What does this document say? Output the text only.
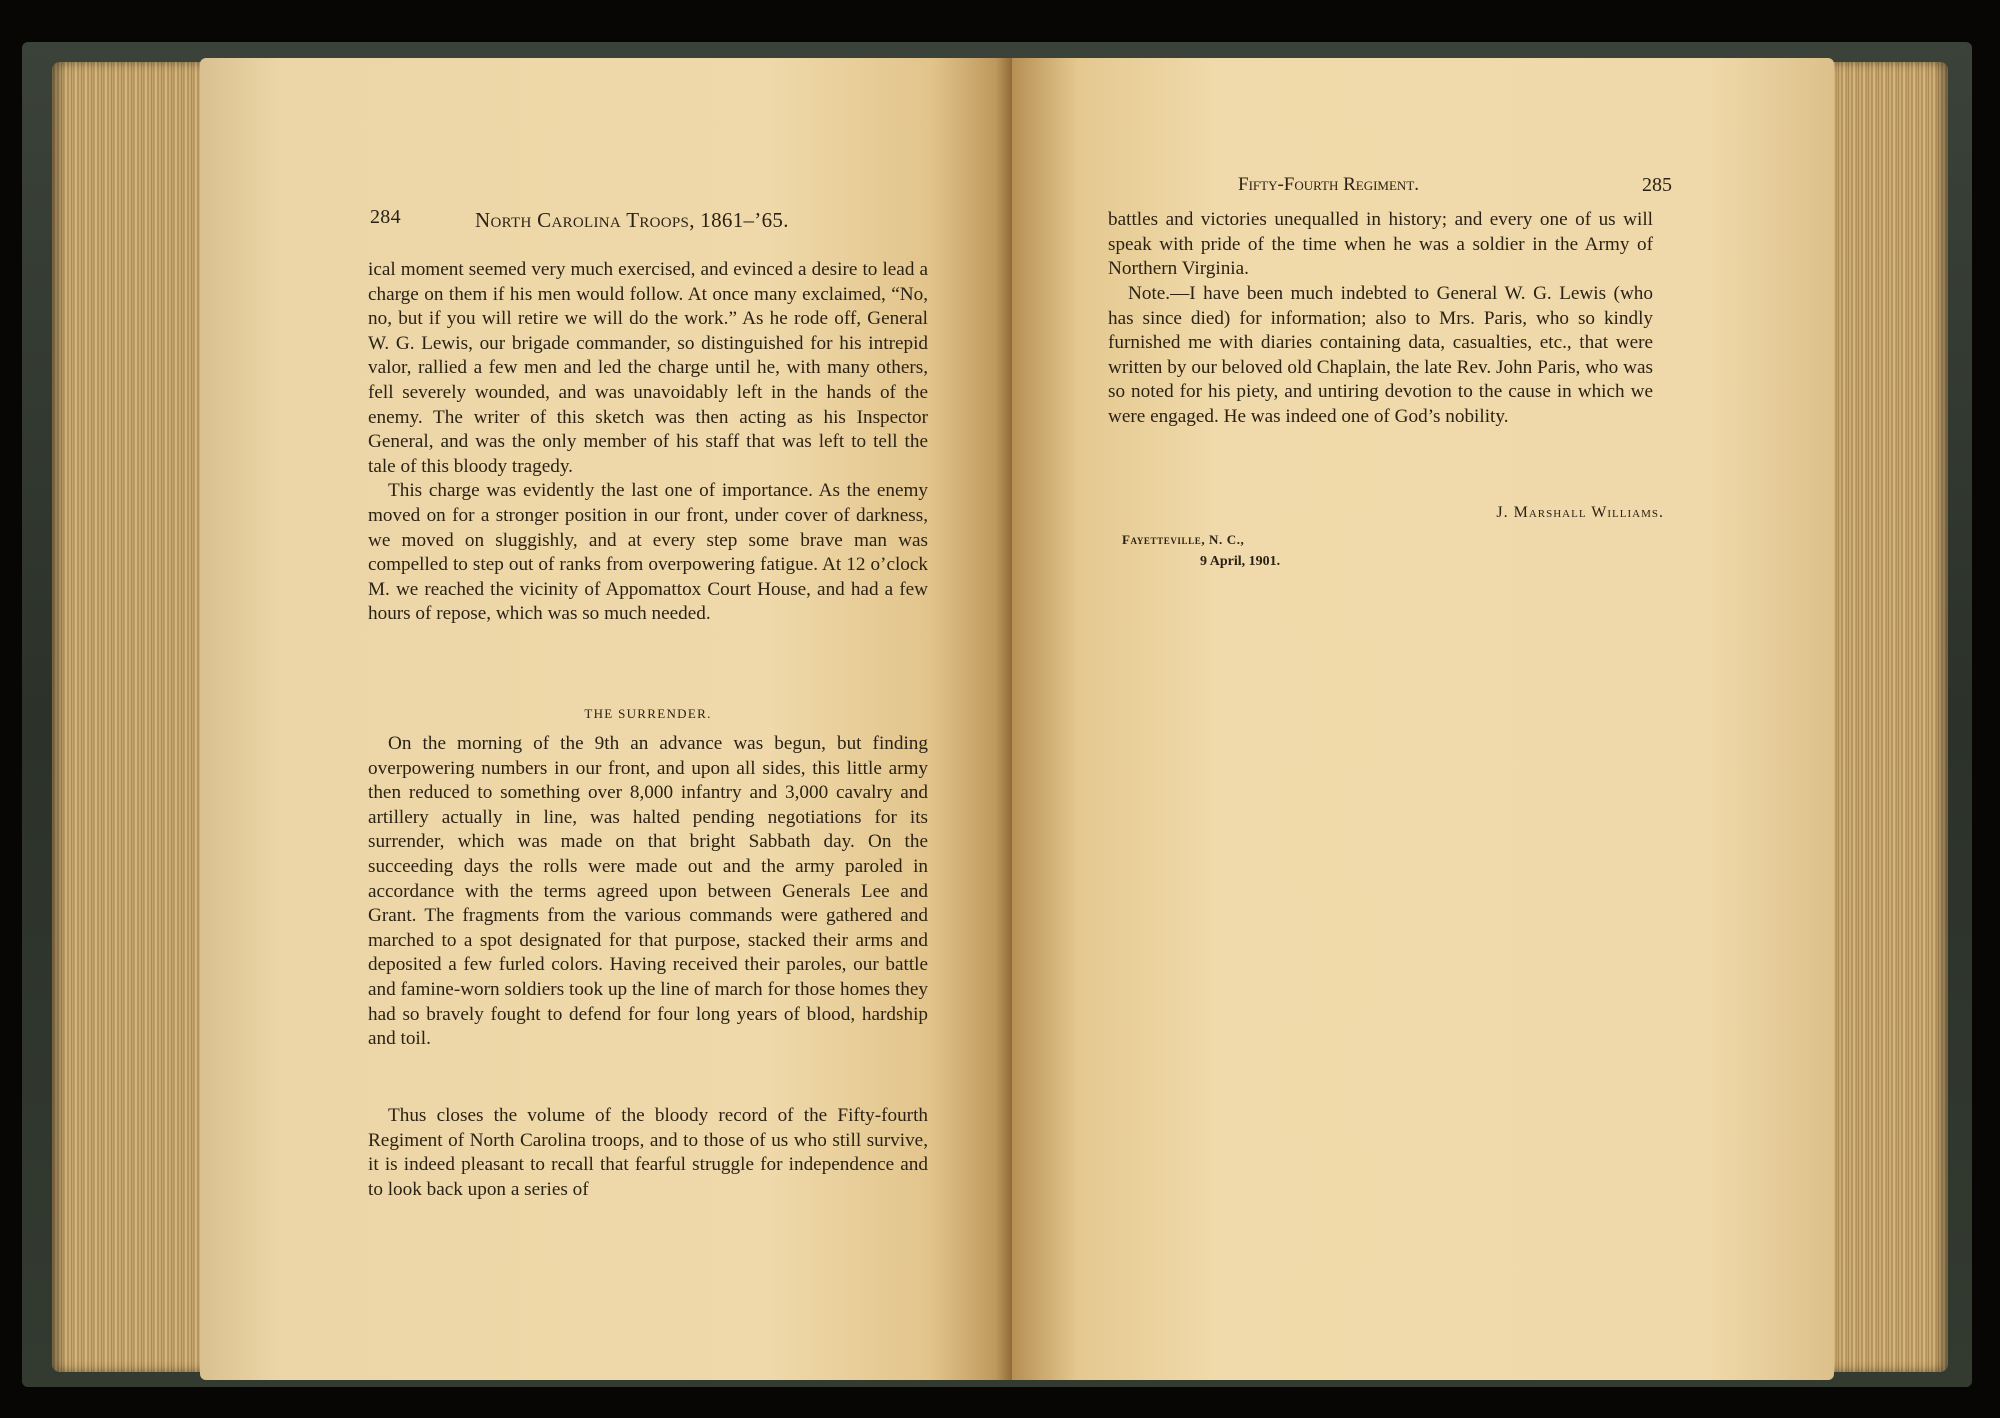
284	North Carolina Troops, 1861–’65.

ical moment seemed very much exercised, and evinced a desire to lead a charge on them if his men would follow. At once many exclaimed, “No, no, but if you will retire we will do the work.” As he rode off, General W. G. Lewis, our brigade commander, so distinguished for his intrepid valor, rallied a few men and led the charge until he, with many others, fell severely wounded, and was unavoidably left in the hands of the enemy. The writer of this sketch was then acting as his Inspector General, and was the only member of his staff that was left to tell the tale of this bloody tragedy.

This charge was evidently the last one of importance. As the enemy moved on for a stronger position in our front, under cover of darkness, we moved on sluggishly, and at every step some brave man was compelled to step out of ranks from overpowering fatigue. At 12 o’clock M. we reached the vicinity of Appomattox Court House, and had a few hours of repose, which was so much needed.

THE SURRENDER.

On the morning of the 9th an advance was begun, but finding overpowering numbers in our front, and upon all sides, this little army then reduced to something over 8,000 infantry and 3,000 cavalry and artillery actually in line, was halted pending negotiations for its surrender, which was made on that bright Sabbath day. On the succeeding days the rolls were made out and the army paroled in accordance with the terms agreed upon between Generals Lee and Grant. The fragments from the various commands were gathered and marched to a spot designated for that purpose, stacked their arms and deposited a few furled colors. Having received their paroles, our battle and famine-worn soldiers took up the line of march for those homes they had so bravely fought to defend for four long years of blood, hardship and toil.

Thus closes the volume of the bloody record of the Fifty-fourth Regiment of North Carolina troops, and to those of us who still survive, it is indeed pleasant to recall that fearful struggle for independence and to look back upon a series of

Fifty-Fourth Regiment.	285

battles and victories unequalled in history; and every one of us will speak with pride of the time when he was a soldier in the Army of Northern Virginia.

Note.—I have been much indebted to General W. G. Lewis (who has since died) for information; also to Mrs. Paris, who so kindly furnished me with diaries containing data, casualties, etc., that were written by our beloved old Chaplain, the late Rev. John Paris, who was so noted for his piety, and untiring devotion to the cause in which we were engaged. He was indeed one of God’s nobility.

J. Marshall Williams.
Fayetteville, N. C.,
9 April, 1901.
